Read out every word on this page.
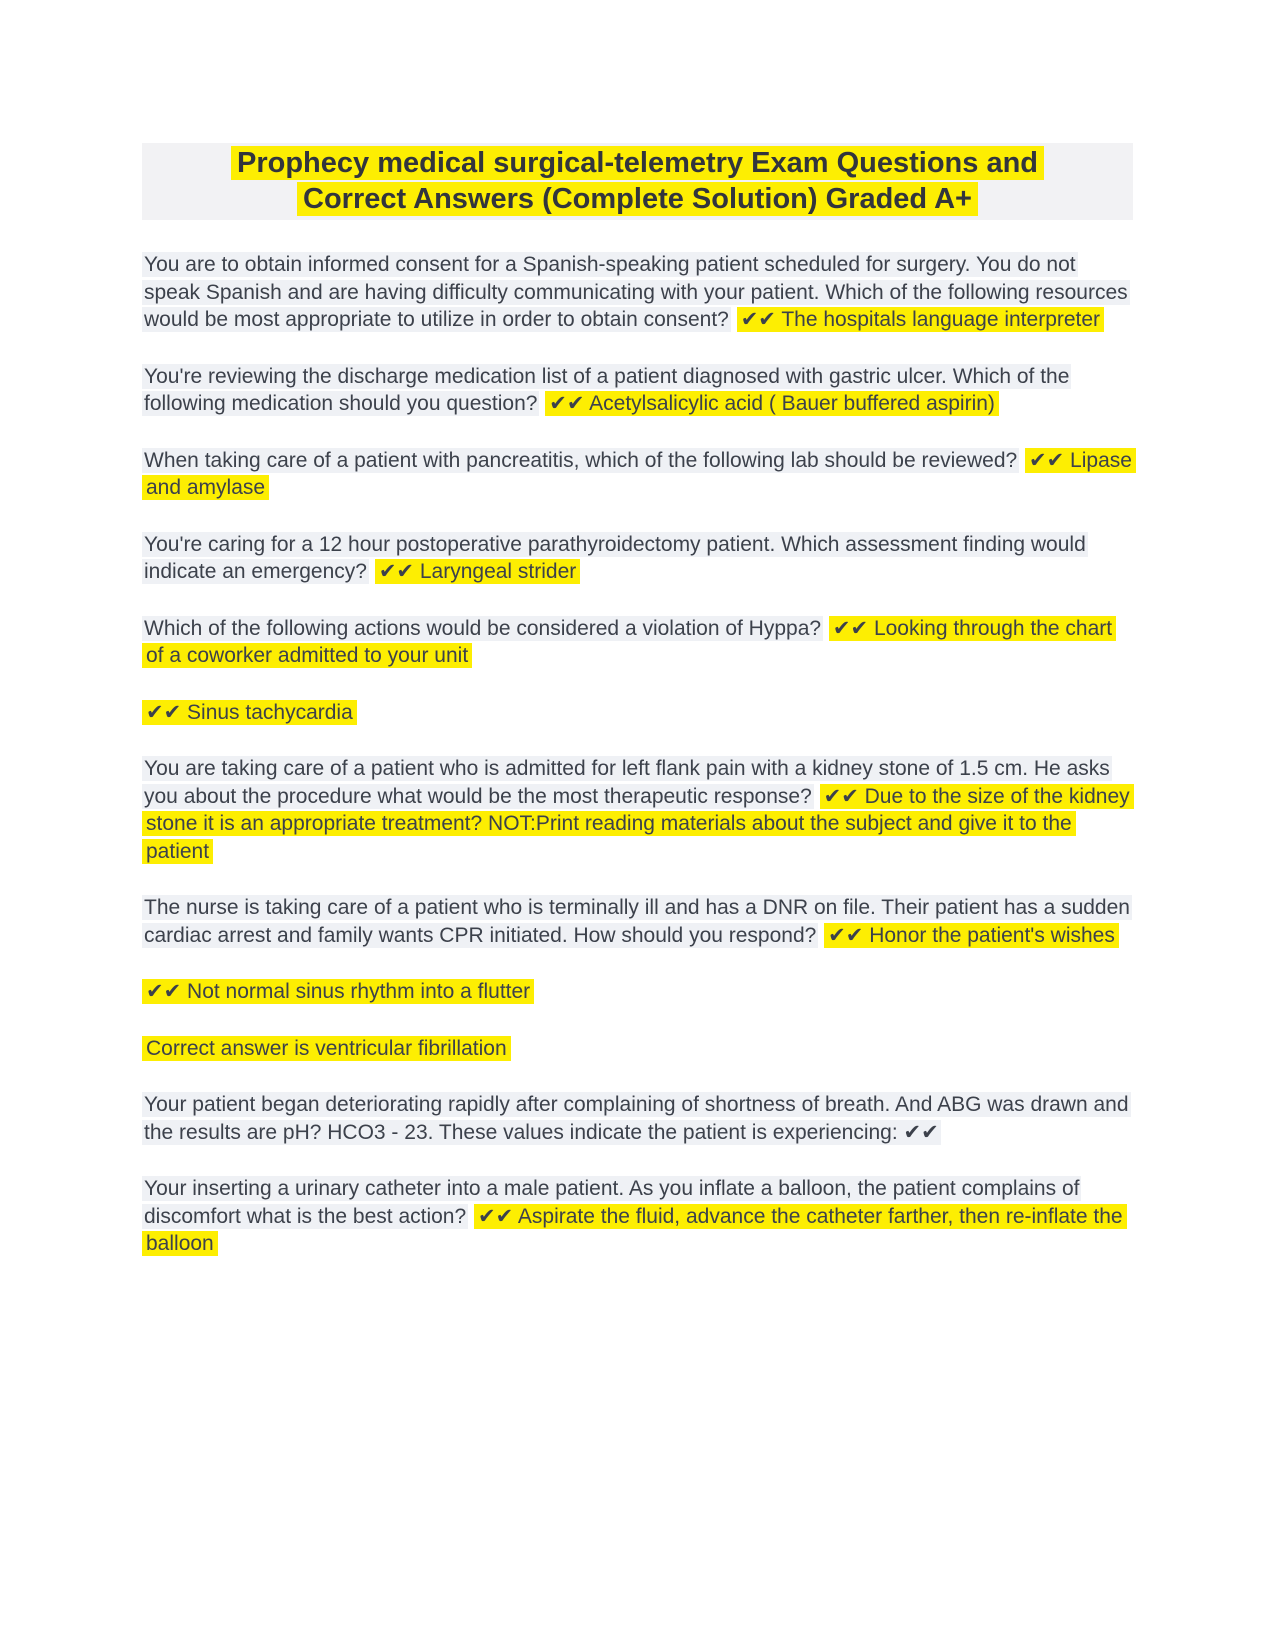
Prophecy medical surgical-telemetry Exam Questions and
Correct Answers (Complete Solution) Graded A+

You are to obtain informed consent for a Spanish-speaking patient scheduled for surgery. You do not speak Spanish and are having difficulty communicating with your patient. Which of the following resources would be most appropriate to utilize in order to obtain consent? ✔✔ The hospitals language interpreter

You're reviewing the discharge medication list of a patient diagnosed with gastric ulcer. Which of the following medication should you question? ✔✔ Acetylsalicylic acid ( Bauer buffered aspirin)

When taking care of a patient with pancreatitis, which of the following lab should be reviewed? ✔✔ Lipase and amylase

You're caring for a 12 hour postoperative parathyroidectomy patient. Which assessment finding would indicate an emergency? ✔✔ Laryngeal strider

Which of the following actions would be considered a violation of Hyppa? ✔✔ Looking through the chart of a coworker admitted to your unit

✔✔ Sinus tachycardia

You are taking care of a patient who is admitted for left flank pain with a kidney stone of 1.5 cm. He asks you about the procedure what would be the most therapeutic response? ✔✔ Due to the size of the kidney stone it is an appropriate treatment? NOT:Print reading materials about the subject and give it to the patient

The nurse is taking care of a patient who is terminally ill and has a DNR on file. Their patient has a sudden cardiac arrest and family wants CPR initiated. How should you respond? ✔✔ Honor the patient's wishes

✔✔ Not normal sinus rhythm into a flutter

Correct answer is ventricular fibrillation

Your patient began deteriorating rapidly after complaining of shortness of breath. And ABG was drawn and the results are pH? HCO3 - 23. These values indicate the patient is experiencing: ✔✔

Your inserting a urinary catheter into a male patient. As you inflate a balloon, the patient complains of discomfort what is the best action? ✔✔ Aspirate the fluid, advance the catheter farther, then re-inflate the balloon
